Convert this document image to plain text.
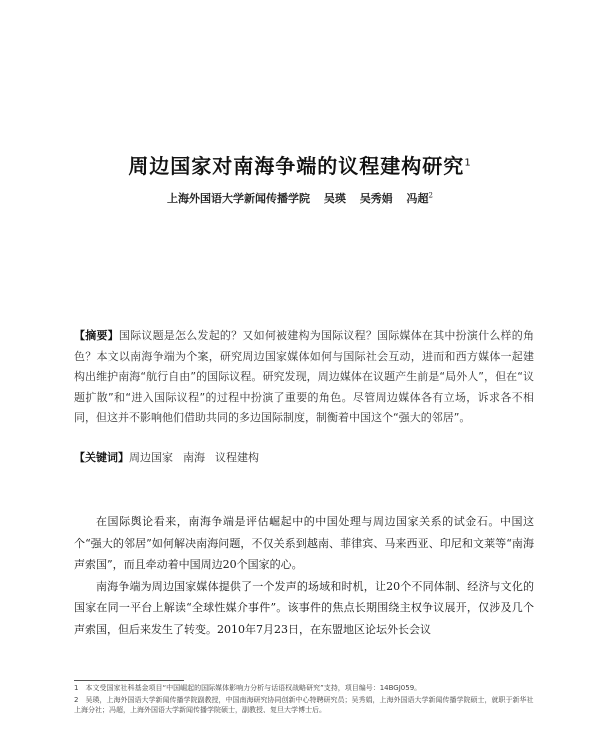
周边国家对南海争端的议程建构研究$^1$
上海外国语大学新闻传播学院 吴瑛 吴秀娟 冯超$^2$
【摘要】国际议题是怎么发起的？又如何被建构为国际议程？国际媒体在其中扮演什么样的角色？本文以南海争端为个案，研究周边国家媒体如何与国际社会互动，进而和西方媒体一起建构出维护南海“航行自由”的国际议程。研究发现，周边媒体在议题产生前是“局外人”，但在“议题扩散”和“进入国际议程”的过程中扮演了重要的角色。尽管周边媒体各有立场，诉求各不相同，但这并不影响他们借助共同的多边国际制度，制衡着中国这个“强大的邻居”。
【关键词】周边国家 南海 议程建构

在国际舆论看来，南海争端是评估崛起中的中国处理与周边国家关系的试金石。中国这个“强大的邻居”如何解决南海问题，不仅关系到越南、菲律宾、马来西亚、印尼和文莱等“南海声索国”，而且牵动着中国周边20个国家的心。

南海争端为周边国家媒体提供了一个发声的场域和时机，让20个不同体制、经济与文化的国家在同一平台上解读“全球性媒介事件”。该事件的焦点长期围绕主权争议展开，仅涉及几个声索国，但后来发生了转变。2010年7月23日，在东盟地区论坛外长会议

1　本文受国家社科基金项目“中国崛起的国际媒体影响力分析与话语权战略研究”支持，项目编号：14BGJ059。

2　吴瑛，上海外国语大学新闻传播学院副教授，中国南海研究协同创新中心特聘研究员；吴秀娟，上海外国语大学新闻传播学院硕士，就职于新华社上海分社；冯超，上海外国语大学新闻传播学院硕士，副教授、复旦大学博士后。
